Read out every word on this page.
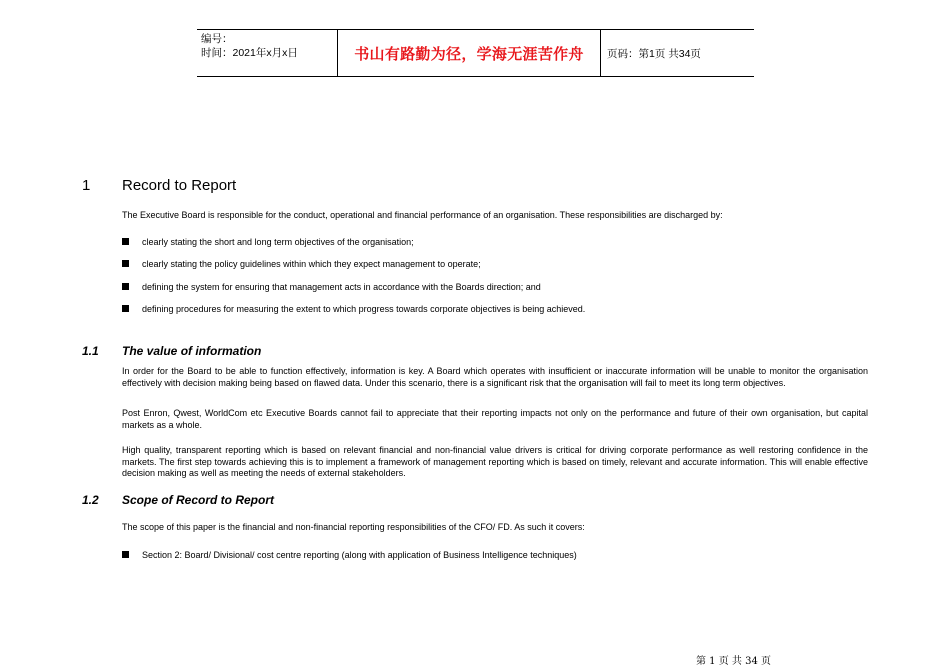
编号：
时间：2021年x月x日	书山有路勤为径，学海无涯苦作舟	页码：第1页 共34页
1 Record to Report
The Executive Board is responsible for the conduct, operational and financial performance of an organisation. These responsibilities are discharged by:
clearly stating the short and long term objectives of the organisation;
clearly stating the policy guidelines within which they expect management to operate;
defining the system for ensuring that management acts in accordance with the Boards direction; and
defining procedures for measuring the extent to which progress towards corporate objectives is being achieved.
1.1 The value of information
In order for the Board to be able to function effectively, information is key. A Board which operates with insufficient or inaccurate information will be unable to monitor the organisation effectively with decision making being based on flawed data. Under this scenario, there is a significant risk that the organisation will fail to meet its long term objectives.
Post Enron, Qwest, WorldCom etc Executive Boards cannot fail to appreciate that their reporting impacts not only on the performance and future of their own organisation, but capital markets as a whole.
High quality, transparent reporting which is based on relevant financial and non-financial value drivers is critical for driving corporate performance as well restoring confidence in the markets. The first step towards achieving this is to implement a framework of management reporting which is based on timely, relevant and accurate information. This will enable effective decision making as well as meeting the needs of external stakeholders.
1.2 Scope of Record to Report
The scope of this paper is the financial and non-financial reporting responsibilities of the CFO/ FD. As such it covers:
Section 2: Board/ Divisional/ cost centre reporting (along with application of Business Intelligence techniques)
第 1 页 共 34 页
